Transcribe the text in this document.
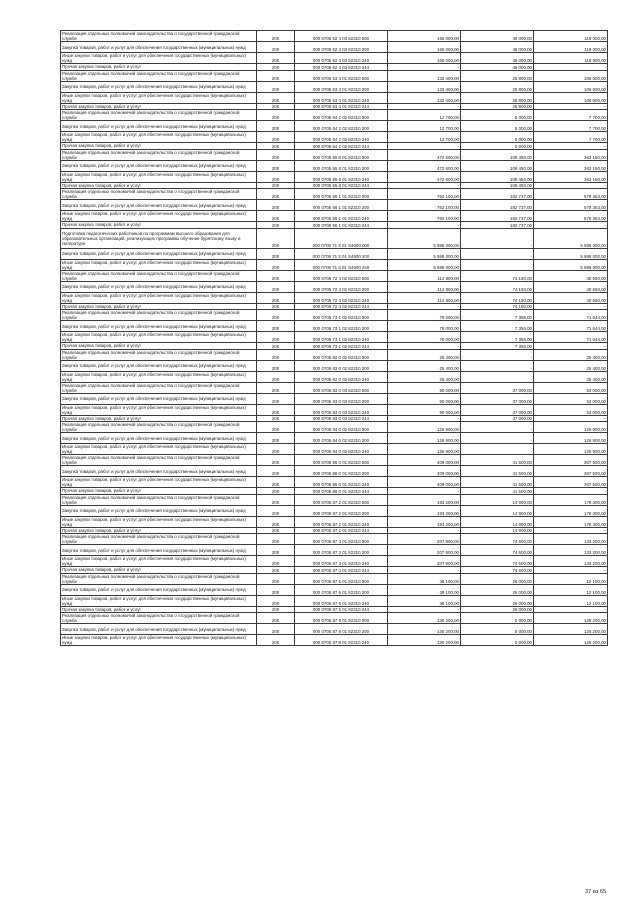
Реализация отдельных полномочий законодательства о государственной гражданской службе	200	000 0705 62 4 03 82310 000	165 000,00	46 000,00	119 000,00
Закупка товаров, работ и услуг для обеспечения государственных (муниципальных) нужд	200	000 0705 62 4 03 82310 200	165 000,00	46 000,00	119 000,00
Иные закупки товаров, работ и услуг для обеспечения государственных (муниципальных) нужд	200	000 0705 62 4 03 82310 240	165 000,00	46 000,00	119 000,00
Прочая закупка товаров, работ и услуг	200	000 0705 62 4 03 82310 244	-	46 000,00	-
Реализация отдельных полномочий законодательства о государственной гражданской службе	200	000 0705 63 4 01 82310 000	132 400,00	25 800,00	106 600,00
Закупка товаров, работ и услуг для обеспечения государственных (муниципальных) нужд	200	000 0705 63 4 01 82310 200	132 400,00	25 800,00	106 600,00
Иные закупки товаров, работ и услуг для обеспечения государственных (муниципальных) нужд	200	000 0705 63 4 01 82310 240	132 400,00	25 800,00	106 600,00
Прочая закупка товаров, работ и услуг	200	000 0705 63 4 01 82310 244	-	25 800,00	-
Реализация отдельных полномочий законодательства о государственной гражданской службе	200	000 0705 64 2 02 82310 000	12 700,00	5 000,00	7 700,00
Закупка товаров, работ и услуг для обеспечения государственных (муниципальных) нужд	200	000 0705 64 2 02 82310 200	12 700,00	5 000,00	7 700,00
Иные закупки товаров, работ и услуг для обеспечения государственных (муниципальных) нужд	200	000 0705 64 2 02 82310 240	12 700,00	5 000,00	7 700,00
Прочая закупка товаров, работ и услуг	200	000 0705 64 2 02 82310 244	-	5 000,00	-
Реализация отдельных полномочий законодательства о государственной гражданской службе	200	000 0705 65 8 01 82310 000	472 600,00	109 450,00	363 150,00
Закупка товаров, работ и услуг для обеспечения государственных (муниципальных) нужд	200	000 0705 65 8 01 82310 200	472 600,00	109 450,00	363 150,00
Иные закупки товаров, работ и услуг для обеспечения государственных (муниципальных) нужд	200	000 0705 65 8 01 82310 240	472 600,00	109 450,00	363 150,00
Прочая закупка товаров, работ и услуг	200	000 0705 65 8 01 82310 244	-	109 450,00	-
Реализация отдельных полномочий законодательства о государственной гражданской службе	200	000 0705 66 1 01 82310 000	762 100,00	182 737,00	579 363,00
Закупка товаров, работ и услуг для обеспечения государственных (муниципальных) нужд	200	000 0705 66 1 01 82310 200	762 100,00	182 737,00	579 363,00
Иные закупки товаров, работ и услуг для обеспечения государственных (муниципальных) нужд	200	000 0705 66 1 01 82310 240	762 100,00	182 737,00	579 363,00
Прочая закупка товаров, работ и услуг	200	000 0705 66 1 01 82310 244	-	182 737,00	-
Подготовка педагогических работников по программам высшего образования для образовательных организаций, реализующих программы обучения бурятскому языку и литературе	200	000 0705 71 3 01 S4600 000	5 988 000,00	-	5 988 000,00
Закупка товаров, работ и услуг для обеспечения государственных (муниципальных) нужд	200	000 0705 71 3 01 S4600 200	5 988 000,00	-	5 988 000,00
Иные закупки товаров, работ и услуг для обеспечения государственных (муниципальных) нужд	200	000 0705 71 3 01 S4600 240	5 988 000,00	-	5 988 000,00
Реализация отдельных полномочий законодательства о государственной гражданской службе	200	000 0705 72 4 02 82310 000	114 800,00	74 150,00	40 650,00
Закупка товаров, работ и услуг для обеспечения государственных (муниципальных) нужд	200	000 0705 72 4 02 82310 200	114 800,00	74 150,00	40 650,00
Иные закупки товаров, работ и услуг для обеспечения государственных (муниципальных) нужд	200	000 0705 72 4 02 82310 240	114 800,00	74 150,00	40 650,00
Прочая закупка товаров, работ и услуг	200	000 0705 72 4 02 82310 244	-	74 150,00	-
Реализация отдельных полномочий законодательства о государственной гражданской службе	200	000 0705 73 1 02 82310 000	79 000,00	7 356,00	71 644,00
Закупка товаров, работ и услуг для обеспечения государственных (муниципальных) нужд	200	000 0705 73 1 02 82310 200	79 000,00	7 356,00	71 644,00
Иные закупки товаров, работ и услуг для обеспечения государственных (муниципальных) нужд	200	000 0705 73 1 02 82310 240	79 000,00	7 356,00	71 644,00
Прочая закупка товаров, работ и услуг	200	000 0705 73 1 02 82310 244	-	7 356,00	-
Реализация отдельных полномочий законодательства о государственной гражданской службе	200	000 0705 82 0 02 82310 000	25 400,00	-	25 400,00
Закупка товаров, работ и услуг для обеспечения государственных (муниципальных) нужд	200	000 0705 82 0 02 82310 200	25 400,00	-	25 400,00
Иные закупки товаров, работ и услуг для обеспечения государственных (муниципальных) нужд	200	000 0705 82 0 02 82310 240	25 400,00	-	25 400,00
Реализация отдельных полномочий законодательства о государственной гражданской службе	200	000 0705 83 0 03 82310 000	90 000,00	37 000,00	53 000,00
Закупка товаров, работ и услуг для обеспечения государственных (муниципальных) нужд	200	000 0705 83 0 03 82310 200	90 000,00	37 000,00	53 000,00
Иные закупки товаров, работ и услуг для обеспечения государственных (муниципальных) нужд	200	000 0705 83 0 03 82310 240	90 000,00	37 000,00	53 000,00
Прочая закупка товаров, работ и услуг	200	000 0705 83 0 03 82310 244	-	37 000,00	-
Реализация отдельных полномочий законодательства о государственной гражданской службе	200	000 0705 84 0 02 82310 000	126 900,00	-	126 900,00
Закупка товаров, работ и услуг для обеспечения государственных (муниципальных) нужд	200	000 0705 84 0 02 82310 200	126 900,00	-	126 900,00
Иные закупки товаров, работ и услуг для обеспечения государственных (муниципальных) нужд	200	000 0705 84 0 02 82310 240	126 900,00	-	126 900,00
Реализация отдельных полномочий законодательства о государственной гражданской службе	200	000 0705 86 0 01 82310 000	409 000,00	41 500,00	367 500,00
Закупка товаров, работ и услуг для обеспечения государственных (муниципальных) нужд	200	000 0705 86 0 01 82310 200	409 000,00	41 500,00	367 500,00
Иные закупки товаров, работ и услуг для обеспечения государственных (муниципальных) нужд	200	000 0705 86 0 01 82310 240	409 000,00	41 500,00	367 500,00
Прочая закупка товаров, работ и услуг	200	000 0705 86 0 01 82310 244	-	41 500,00	-
Реализация отдельных полномочий законодательства о государственной гражданской службе	200	000 0705 87 2 01 82310 000	193 200,00	14 900,00	178 300,00
Закупка товаров, работ и услуг для обеспечения государственных (муниципальных) нужд	200	000 0705 87 2 01 82310 200	193 200,00	14 900,00	178 300,00
Иные закупки товаров, работ и услуг для обеспечения государственных (муниципальных) нужд	200	000 0705 87 2 01 82310 240	193 200,00	14 900,00	178 300,00
Прочая закупка товаров, работ и услуг	200	000 0705 87 2 01 82310 244	-	14 900,00	-
Реализация отдельных полномочий законодательства о государственной гражданской службе	200	000 0705 87 3 01 82310 000	207 800,00	74 600,00	133 200,00
Закупка товаров, работ и услуг для обеспечения государственных (муниципальных) нужд	200	000 0705 87 3 01 82310 200	207 800,00	74 600,00	133 200,00
Иные закупки товаров, работ и услуг для обеспечения государственных (муниципальных) нужд	200	000 0705 87 3 01 82310 240	207 800,00	74 600,00	133 200,00
Прочая закупка товаров, работ и услуг	200	000 0705 87 3 01 82310 244	-	74 600,00	-
Реализация отдельных полномочий законодательства о государственной гражданской службе	200	000 0705 87 6 01 82310 000	38 100,00	26 000,00	12 100,00
Закупка товаров, работ и услуг для обеспечения государственных (муниципальных) нужд	200	000 0705 87 6 01 82310 200	38 100,00	26 000,00	12 100,00
Иные закупки товаров, работ и услуг для обеспечения государственных (муниципальных) нужд	200	000 0705 87 6 01 82310 240	38 100,00	26 000,00	12 100,00
Прочая закупка товаров, работ и услуг	200	000 0705 87 6 01 82310 244	-	26 000,00	-
Реализация отдельных полномочий законодательства о государственной гражданской службе	200	000 0705 87 8 01 82310 000	130 200,00	5 000,00	125 200,00
Закупка товаров, работ и услуг для обеспечения государственных (муниципальных) нужд	200	000 0705 87 8 01 82310 200	130 200,00	5 000,00	125 200,00
Иные закупки товаров, работ и услуг для обеспечения государственных (муниципальных) нужд	200	000 0705 87 8 01 82310 240	130 200,00	5 000,00	125 200,00
37 из 65
